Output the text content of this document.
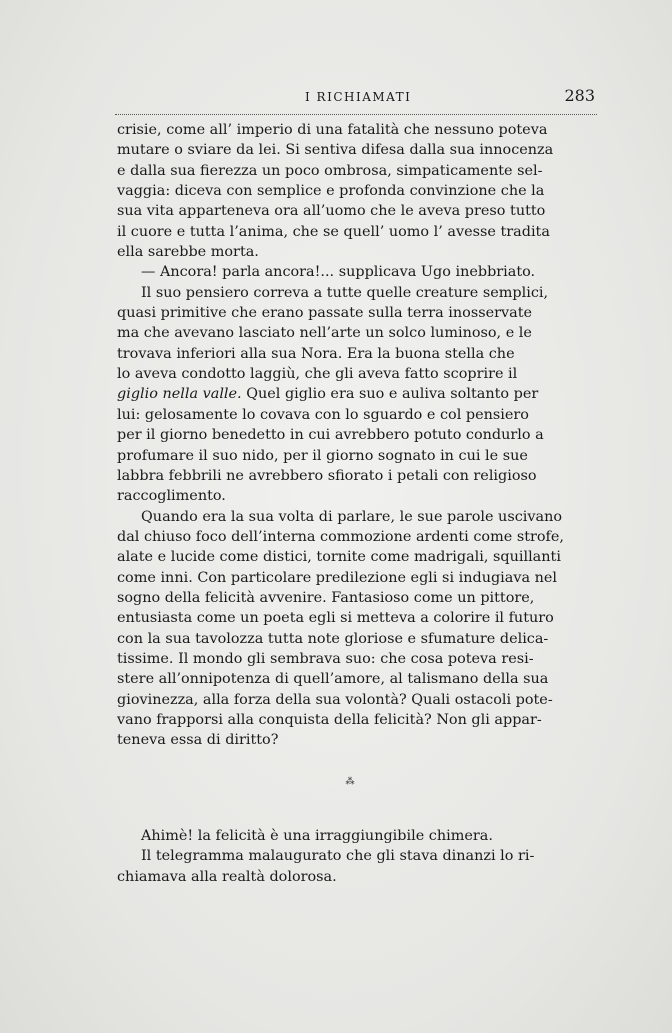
I RICHIAMATI	283
crisie, come all’ imperio di una fatalità che nessuno poteva
mutare o sviare da lei. Si sentiva difesa dalla sua innocenza
e dalla sua fierezza un poco ombrosa, simpaticamente sel-
vaggia: diceva con semplice e profonda convinzione che la
sua vita apparteneva ora all’uomo che le aveva preso tutto
il cuore e tutta l’anima, che se quell’ uomo l’ avesse tradita
ella sarebbe morta.
— Ancora! parla ancora!... supplicava Ugo inebbriato.
Il suo pensiero correva a tutte quelle creature semplici,
quasi primitive che erano passate sulla terra inosservate
ma che avevano lasciato nell’arte un solco luminoso, e le
trovava inferiori alla sua Nora. Era la buona stella che
lo aveva condotto laggiù, che gli aveva fatto scoprire il
giglio nella valle. Quel giglio era suo e auliva soltanto per
lui: gelosamente lo covava con lo sguardo e col pensiero
per il giorno benedetto in cui avrebbero potuto condurlo a
profumare il suo nido, per il giorno sognato in cui le sue
labbra febbrili ne avrebbero sfiorato i petali con religioso
raccoglimento.
Quando era la sua volta di parlare, le sue parole uscivano
dal chiuso foco dell’interna commozione ardenti come strofe,
alate e lucide come distici, tornite come madrigali, squillanti
come inni. Con particolare predilezione egli si indugiava nel
sogno della felicità avvenire. Fantasioso come un pittore,
entusiasta come un poeta egli si metteva a colorire il futuro
con la sua tavolozza tutta note gloriose e sfumature delica-
tissime. Il mondo gli sembrava suo: che cosa poteva resi-
stere all’onnipotenza di quell’amore, al talismano della sua
giovinezza, alla forza della sua volontà? Quali ostacoli pote-
vano frapporsi alla conquista della felicità? Non gli appar-
teneva essa di diritto?
⁂
Ahimè! la felicità è una irraggiungibile chimera.
Il telegramma malaugurato che gli stava dinanzi lo ri-
chiamava alla realtà dolorosa.
